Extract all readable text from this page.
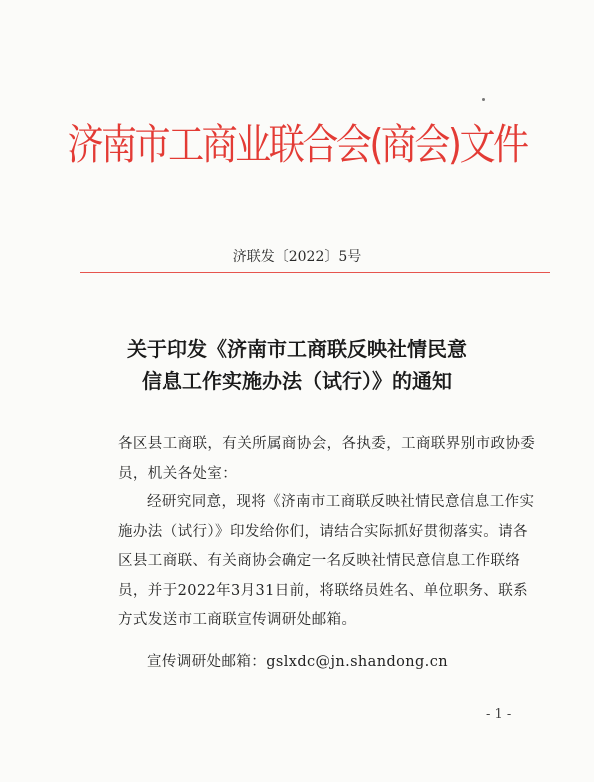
济南市工商业联合会(商会)文件
济联发〔2022〕5号
关于印发《济南市工商联反映社情民意
信息工作实施办法（试行）》的通知
各区县工商联，有关所属商协会，各执委，工商联界别市政协委员，机关各处室：
经研究同意，现将《济南市工商联反映社情民意信息工作实施办法（试行）》印发给你们，请结合实际抓好贯彻落实。请各区县工商联、有关商协会确定一名反映社情民意信息工作联络员，并于2022年3月31日前，将联络员姓名、单位职务、联系方式发送市工商联宣传调研处邮箱。
宣传调研处邮箱：gslxdc@jn.shandong.cn
- 1 -
